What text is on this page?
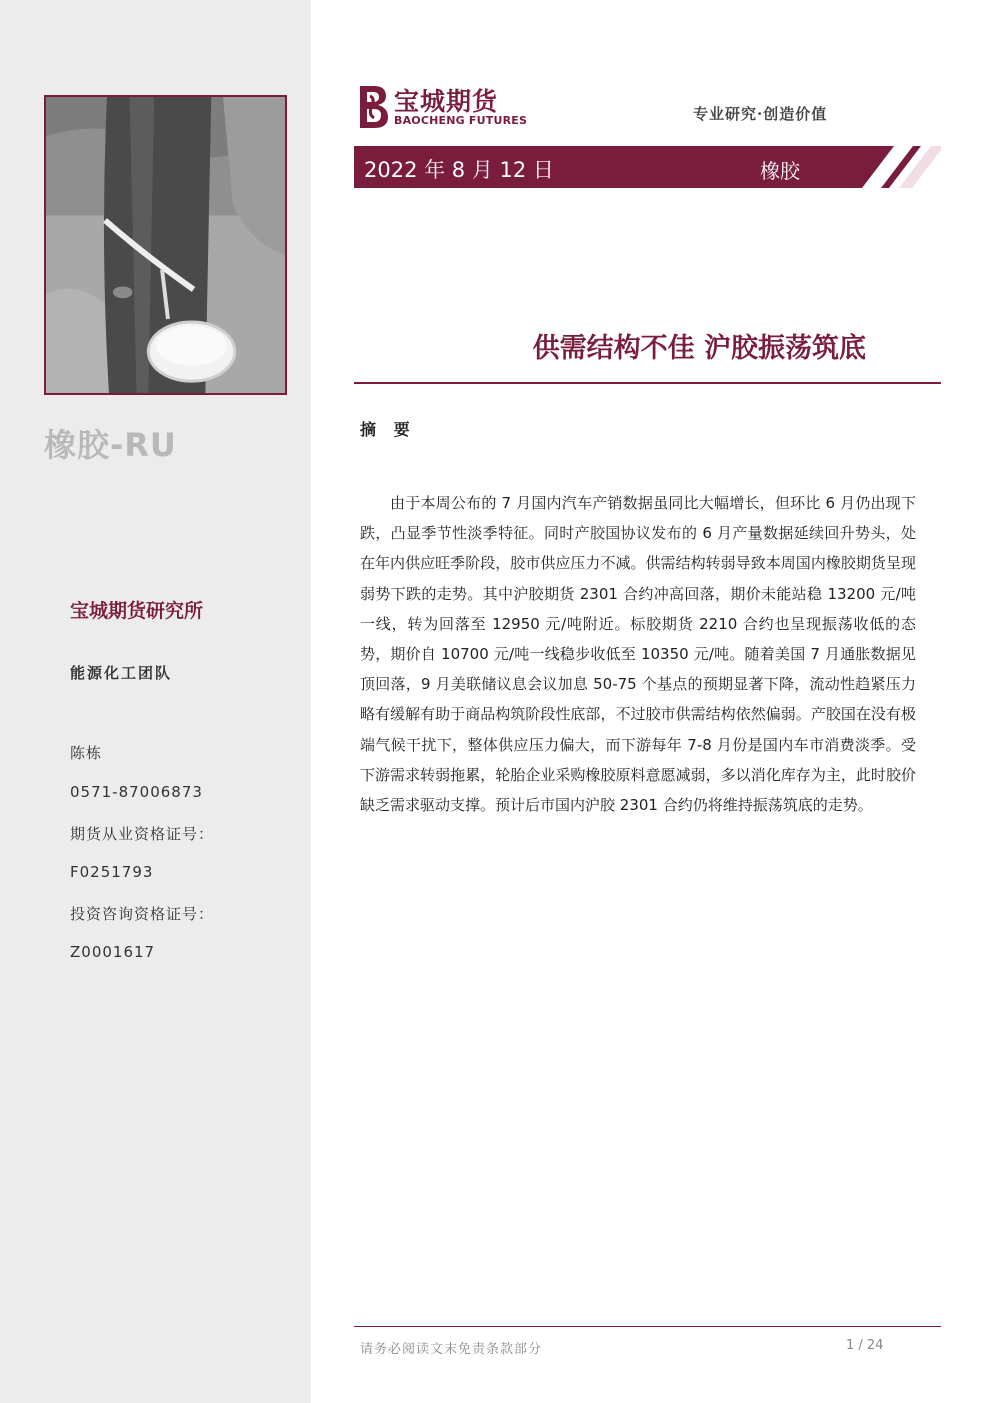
橡胶-RU
宝城期货研究所
能源化工团队
陈栋
0571-87006873
期货从业资格证号：
F0251793
投资咨询资格证号：
Z0001617
宝城期货
BAOCHENG FUTURES	专业研究·创造价值
2022 年 8 月 12 日	橡胶
供需结构不佳 沪胶振荡筑底
摘 要

由于本周公布的 7 月国内汽车产销数据虽同比大幅增长，但环比 6 月仍出现下跌，凸显季节性淡季特征。同时产胶国协议发布的 6 月产量数据延续回升势头，处在年内供应旺季阶段，胶市供应压力不减。供需结构转弱导致本周国内橡胶期货呈现弱势下跌的走势。其中沪胶期货 2301 合约冲高回落，期价未能站稳 13200 元/吨一线，转为回落至 12950 元/吨附近。标胶期货 2210 合约也呈现振荡收低的态势，期价自 10700 元/吨一线稳步收低至 10350 元/吨。随着美国 7 月通胀数据见顶回落，9 月美联储议息会议加息 50-75 个基点的预期显著下降，流动性趋紧压力略有缓解有助于商品构筑阶段性底部，不过胶市供需结构依然偏弱。产胶国在没有极端气候干扰下，整体供应压力偏大，而下游每年 7-8 月份是国内车市消费淡季。受下游需求转弱拖累，轮胎企业采购橡胶原料意愿减弱，多以消化库存为主，此时胶价缺乏需求驱动支撑。预计后市国内沪胶 2301 合约仍将维持振荡筑底的走势。

请务必阅读文末免责条款部分	1 / 24
